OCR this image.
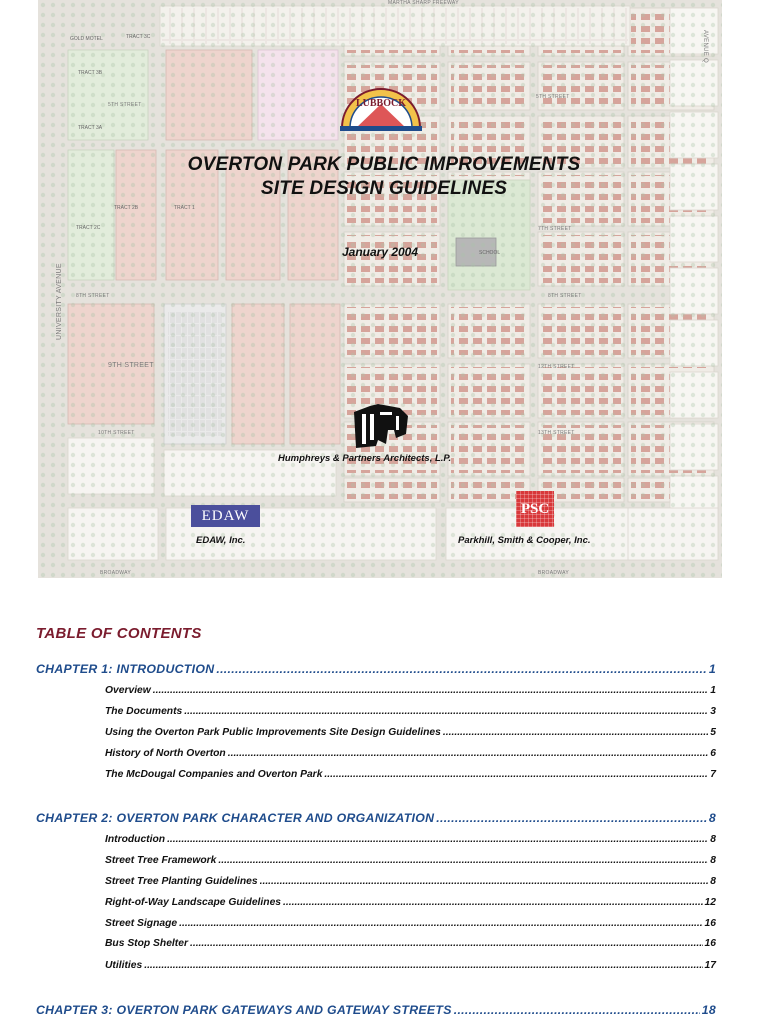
MARTHA SHARP FREEWAY
UNIVERSITY AVENUE
AVENUE Q
8TH STREET	8TH STREET
10TH STREET
5TH STREET
5TH STREET
9TH STREET
7TH STREET
12TH STREET
13TH STREET
BROADWAY	BROADWAY
SCHOOL
GOLD MOTEL	TRACT 3C
TRACT 3B
TRACT 3A
TRACT 2B
TRACT 2C
TRACT 1
LUBBOCK
OVERTON PARK PUBLIC IMPROVEMENTS
SITE DESIGN GUIDELINES
January 2004
Humphreys & Partners Architects, L.P.
EDAW
EDAW, Inc.
PSC
Parkhill, Smith & Cooper, Inc.
TABLE OF CONTENTS
CHAPTER 1: INTRODUCTION .....	1
Overview .....	1
The Documents .....	3
Using the Overton Park Public Improvements Site Design Guidelines .....	5
History of North Overton .....	6
The McDougal Companies and Overton Park .....	7
CHAPTER 2: OVERTON PARK CHARACTER AND ORGANIZATION .....	8
Introduction .....	8
Street Tree Framework .....	8
Street Tree Planting Guidelines .....	8
Right-of-Way Landscape Guidelines .....	12
Street Signage .....	16
Bus Stop Shelter .....	16
Utilities .....	17
CHAPTER 3: OVERTON PARK GATEWAYS AND GATEWAY STREETS .....	18
